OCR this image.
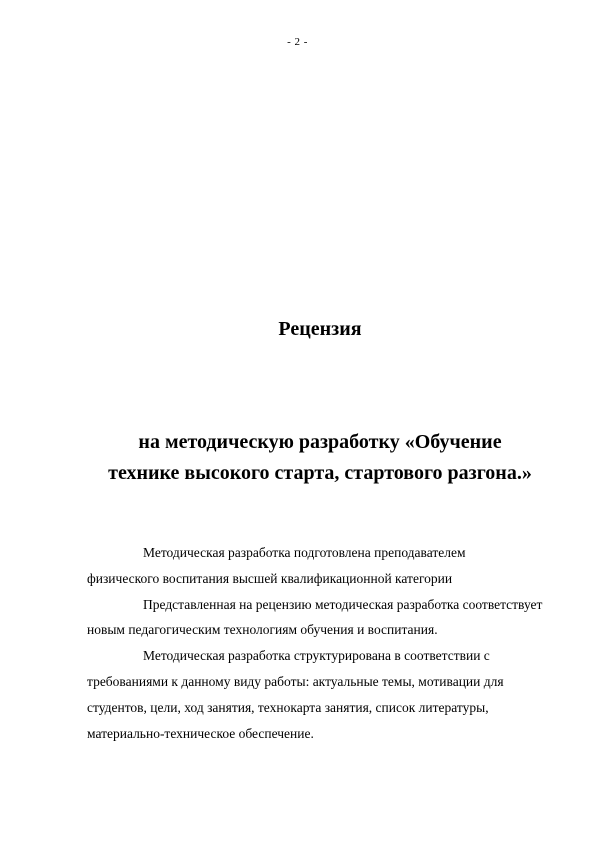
- 2 -
Рецензия
на методическую разработку «Обучение
технике высокого старта, стартового разгона.»
Методическая разработка подготовлена преподавателем
физического воспитания высшей квалификационной категории
Представленная на рецензию методическая разработка соответствует
новым педагогическим технологиям обучения и воспитания.
Методическая разработка структурирована в соответствии с
требованиями к данному виду работы: актуальные темы, мотивации для
студентов, цели, ход занятия, технокарта занятия, список литературы,
материально-техническое обеспечение.
